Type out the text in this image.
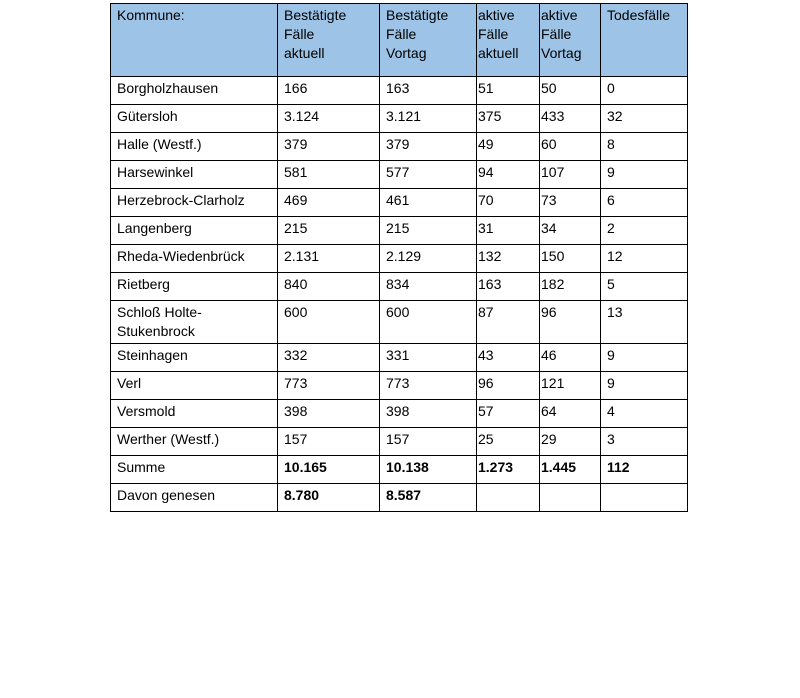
Kommune:	Bestätigte
Fälle
aktuell	Bestätigte
Fälle
Vortag	aktive
Fälle
aktuell	aktive
Fälle
Vortag	Todesfälle

Borgholzhausen	166	163	51	50	0
Gütersloh	3.124	3.121	375	433	32
Halle (Westf.)	379	379	49	60	8
Harsewinkel	581	577	94	107	9
Herzebrock-Clarholz	469	461	70	73	6
Langenberg	215	215	31	34	2
Rheda-Wiedenbrück	2.131	2.129	132	150	12
Rietberg	840	834	163	182	5
Schloß Holte-Stukenbrock	600	600	87	96	13
Steinhagen	332	331	43	46	9
Verl	773	773	96	121	9
Versmold	398	398	57	64	4
Werther (Westf.)	157	157	25	29	3
Summe	10.165	10.138	1.273	1.445	112
Davon genesen	8.780	8.587			
